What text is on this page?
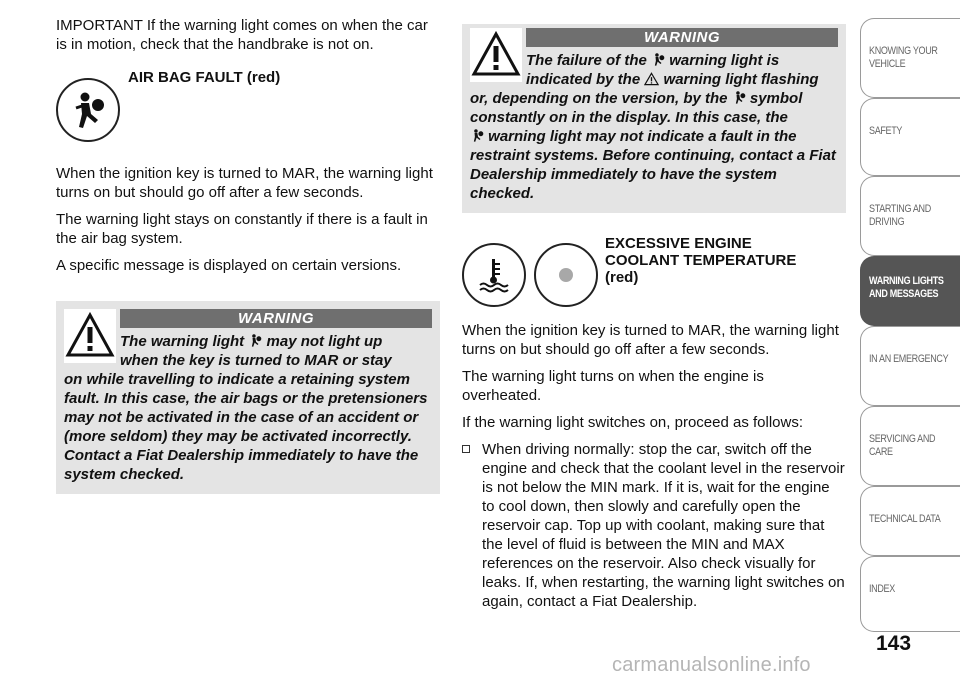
IMPORTANT If the warning light comes on when the car is in motion, check that the handbrake is not on.

AIR BAG FAULT (red)

When the ignition key is turned to MAR, the warning light turns on but should go off after a few seconds.

The warning light stays on constantly if there is a fault in the air bag system.

A specific message is displayed on certain versions.

WARNING
The warning light may not light up
when the key is turned to MAR or stay
on while travelling to indicate a retaining system fault. In this case, the air bags or the pretensioners may not be activated in the case of an accident or (more seldom) they may be activated incorrectly. Contact a Fiat Dealership immediately to have the system checked.
WARNING
The failure of the warning light is
indicated by the warning light flashing
or, depending on the version, by the symbol
constantly on in the display. In this case, the
warning light may not indicate a fault in the restraint systems. Before continuing, contact a Fiat Dealership immediately to have the system checked.
EXCESSIVE ENGINE
COOLANT TEMPERATURE
(red)

When the ignition key is turned to MAR, the warning light turns on but should go off after a few seconds.

The warning light turns on when the engine is overheated.

If the warning light switches on, proceed as follows:

When driving normally: stop the car, switch off the engine and check that the coolant level in the reservoir is not below the MIN mark. If it is, wait for the engine to cool down, then slowly and carefully open the reservoir cap. Top up with coolant, making sure that the level of fluid is between the MIN and MAX references on the reservoir. Also check visually for leaks. If, when restarting, the warning light switches on again, contact a Fiat Dealership.
KNOWING YOUR
VEHICLE
SAFETY
STARTING AND
DRIVING
WARNING LIGHTS
AND MESSAGES
IN AN EMERGENCY
SERVICING AND
CARE
TECHNICAL DATA
INDEX
143
carmanualsonline.info
